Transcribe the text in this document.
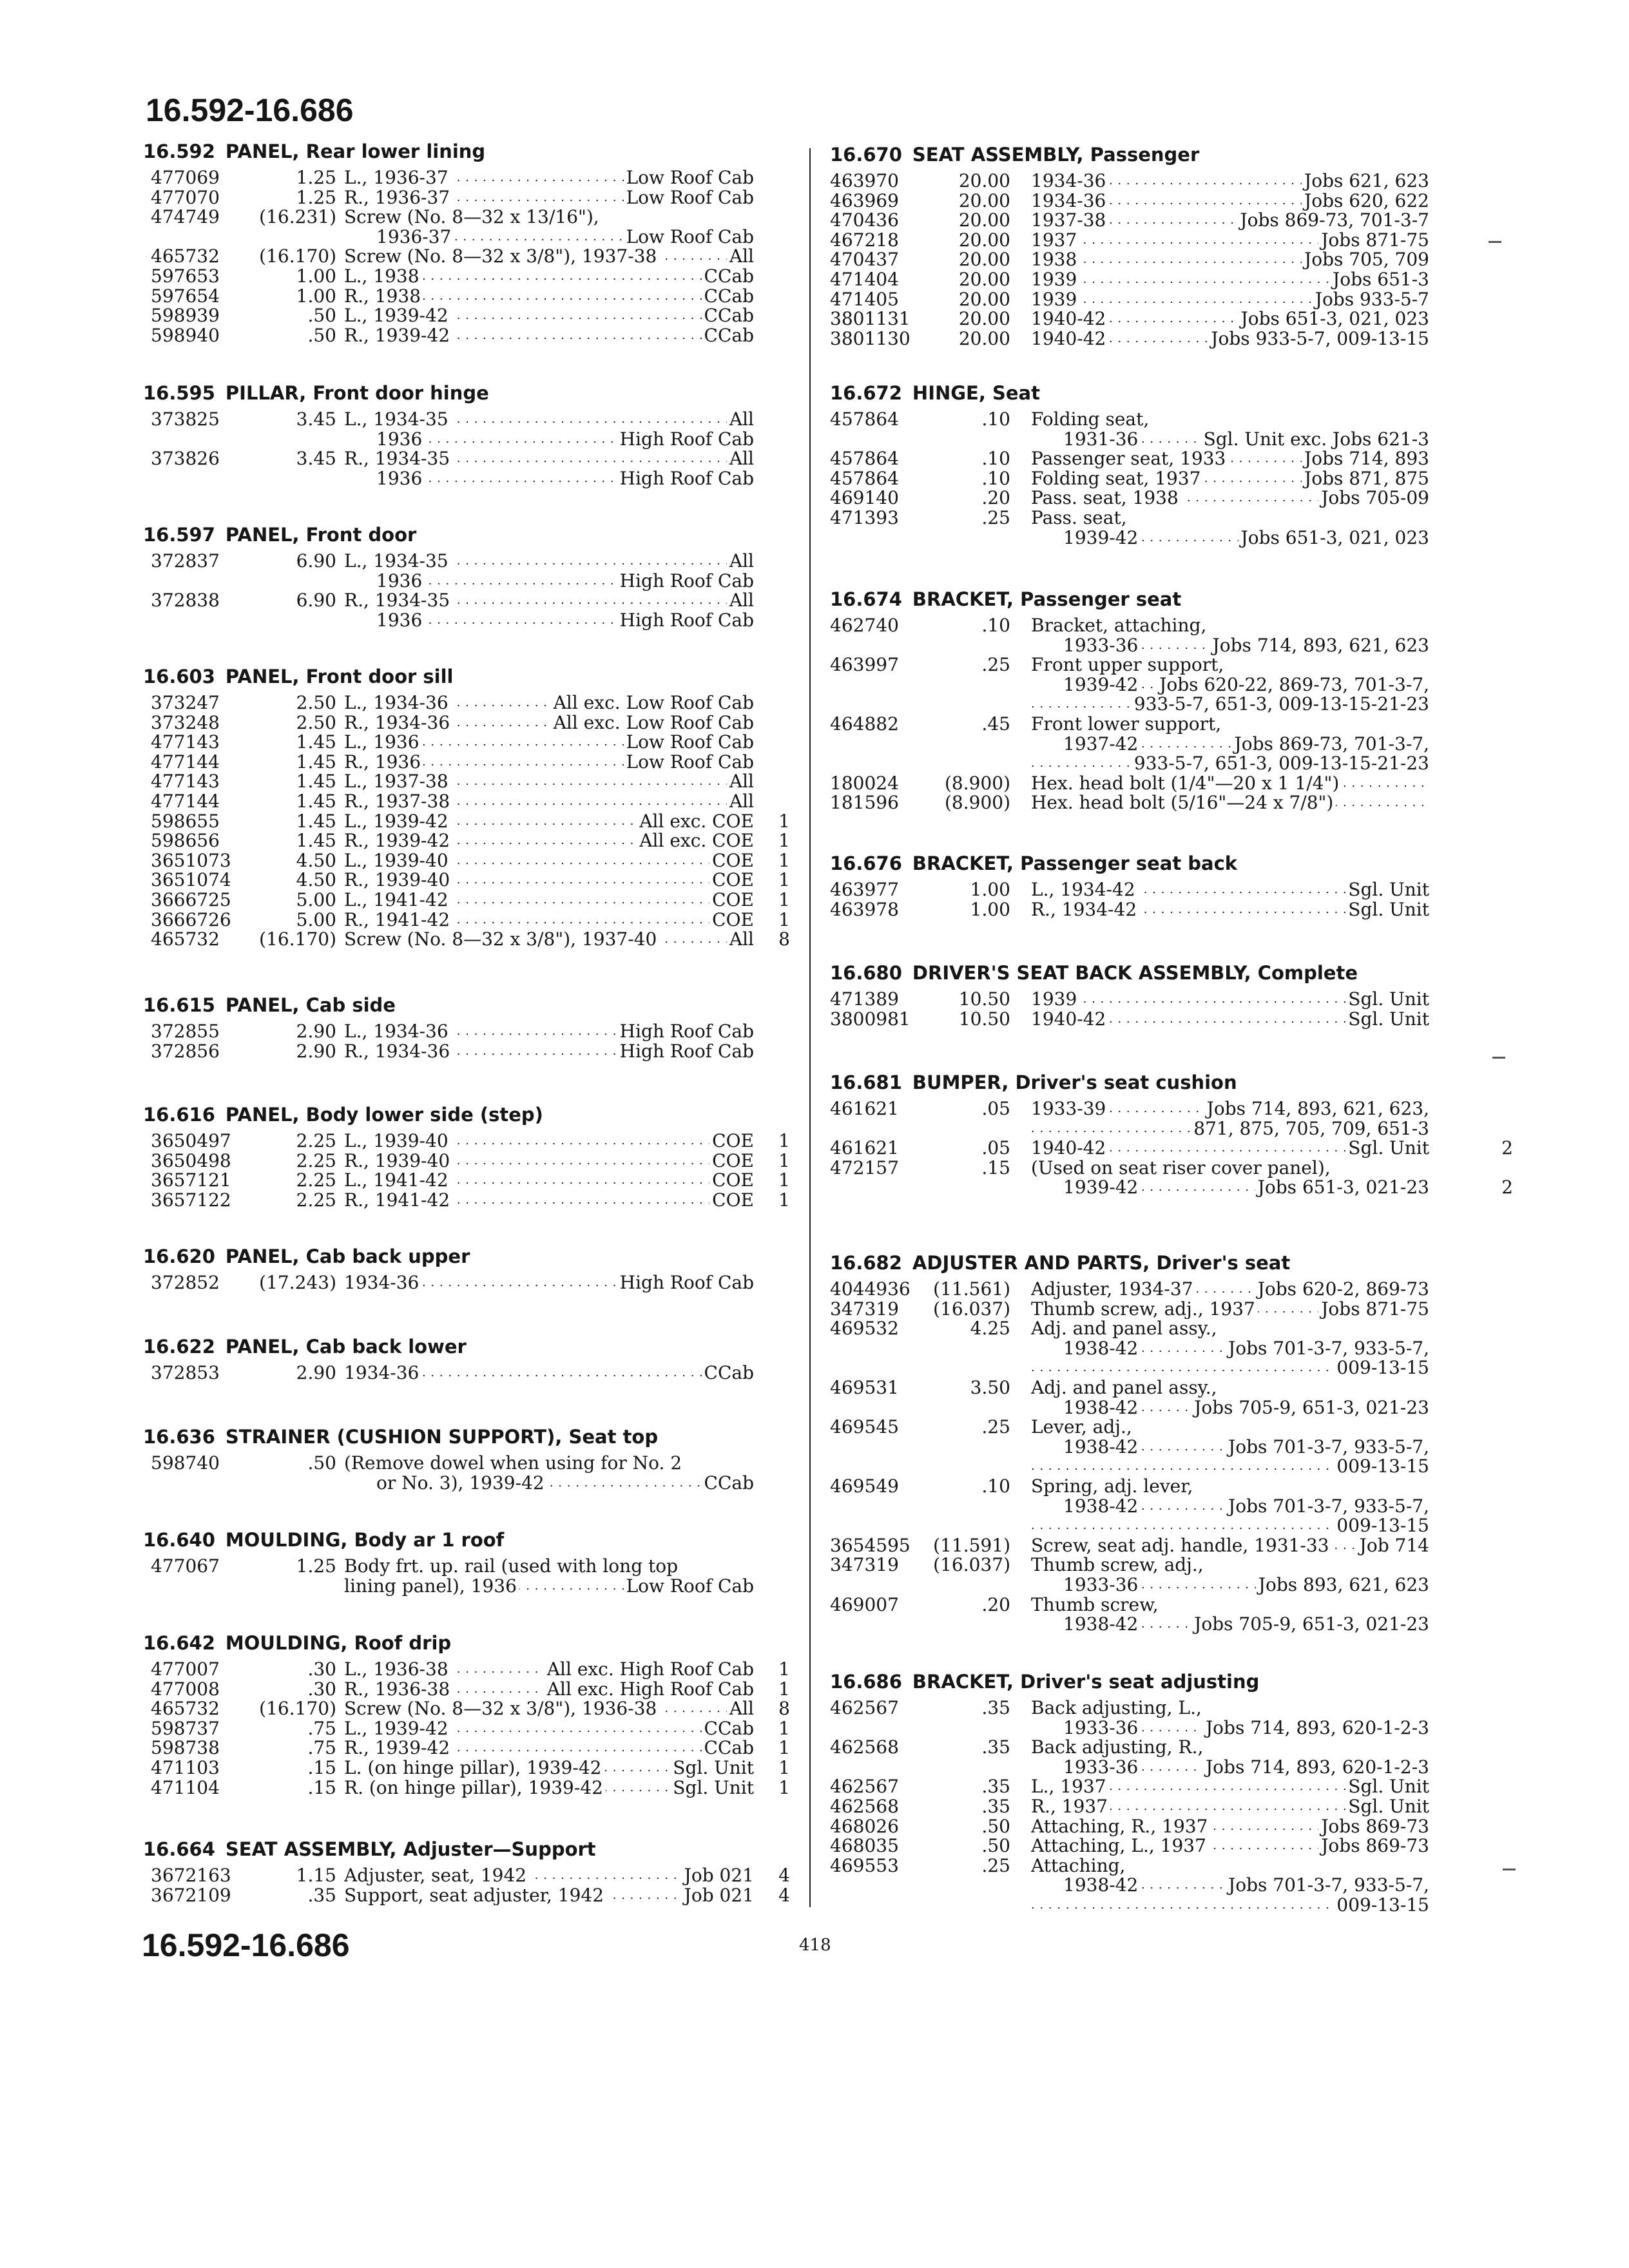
16.592-16.686
16.592 PANEL, Rear lower lining
477069	1.25 . . . L., 1936-37	Low Roof Cab
477070	1.25 . . . R., 1936-37	Low Roof Cab
474749	(16.231) Screw (No. 8—32 x 13/16"),
. . . 1936-37	Low Roof Cab
465732	(16.170) . . . Screw (No. 8—32 x 3/8"), 1937-38	All
597653	1.00 . . . L., 1938	CCab
597654	1.00 . . . R., 1938	CCab
598939	.50 . . . L., 1939-42	CCab
598940	.50 . . . R., 1939-42	CCab
16.595 PILLAR, Front door hinge
373825	3.45 . . . L., 1934-35	All
. . . 1936	High Roof Cab
373826	3.45 . . . R., 1934-35	All
. . . 1936	High Roof Cab
16.597 PANEL, Front door
372837	6.90 . . . L., 1934-35	All
. . . 1936	High Roof Cab
372838	6.90 . . . R., 1934-35	All
. . . 1936	High Roof Cab
16.603 PANEL, Front door sill
373247	2.50 . . . L., 1934-36	All exc. Low Roof Cab
373248	2.50 . . . R., 1934-36	All exc. Low Roof Cab
477143	1.45 . . . L., 1936	Low Roof Cab
477144	1.45 . . . R., 1936	Low Roof Cab
477143	1.45 . . . L., 1937-38	All
477144	1.45 . . . R., 1937-38	All
598655	1.45 . . . L., 1939-42	All exc. COE	1
598656	1.45 . . . R., 1939-42	All exc. COE	1
3651073	4.50 . . . L., 1939-40	COE	1
3651074	4.50 . . . R., 1939-40	COE	1
3666725	5.00 . . . L., 1941-42	COE	1
3666726	5.00 . . . R., 1941-42	COE	1
465732	(16.170) . . . Screw (No. 8—32 x 3/8"), 1937-40	All	8
16.615 PANEL, Cab side
372855	2.90 . . . L., 1934-36	High Roof Cab
372856	2.90 . . . R., 1934-36	High Roof Cab
16.616 PANEL, Body lower side (step)
3650497	2.25 . . . L., 1939-40	COE	1
3650498	2.25 . . . R., 1939-40	COE	1
3657121	2.25 . . . L., 1941-42	COE	1
3657122	2.25 . . . R., 1941-42	COE	1
16.620 PANEL, Cab back upper
372852	(17.243) . . . 1934-36	High Roof Cab
16.622 PANEL, Cab back lower
372853	2.90 . . . 1934-36	CCab
16.636 STRAINER (CUSHION SUPPORT), Seat top
598740	.50 (Remove dowel when using for No. 2
. . . or No. 3), 1939-42	CCab
16.640 MOULDING, Body ar 1 roof
477067	1.25 Body frt. up. rail (used with long top
. . . lining panel), 1936	Low Roof Cab
16.642 MOULDING, Roof drip
477007	.30 . . . L., 1936-38	All exc. High Roof Cab	1
477008	.30 . . . R., 1936-38	All exc. High Roof Cab	1
465732	(16.170) . . . Screw (No. 8—32 x 3/8"), 1936-38	All	8
598737	.75 . . . L., 1939-42	CCab	1
598738	.75 . . . R., 1939-42	CCab	1
471103	.15 . . . L. (on hinge pillar), 1939-42	Sgl. Unit	1
471104	.15 . . . R. (on hinge pillar), 1939-42	Sgl. Unit	1
16.664 SEAT ASSEMBLY, Adjuster—Support
3672163	1.15 . . . Adjuster, seat, 1942	Job 021	4
3672109	.35 . . . Support, seat adjuster, 1942	Job 021	4
16.670 SEAT ASSEMBLY, Passenger
463970	20.00 . . . 1934-36	Jobs 621, 623
463969	20.00 . . . 1934-36	Jobs 620, 622
470436	20.00 . . . 1937-38	Jobs 869-73, 701-3-7
467218	20.00 . . . 1937	Jobs 871-75
470437	20.00 . . . 1938	Jobs 705, 709
471404	20.00 . . . 1939	Jobs 651-3
471405	20.00 . . . 1939	Jobs 933-5-7
3801131	20.00 . . . 1940-42	Jobs 651-3, 021, 023
3801130	20.00 . . . 1940-42	Jobs 933-5-7, 009-13-15
16.672 HINGE, Seat
457864	.10 Folding seat,
. . . 1931-36	Sgl. Unit exc. Jobs 621-3
457864	.10 . . . Passenger seat, 1933	Jobs 714, 893
457864	.10 . . . Folding seat, 1937	Jobs 871, 875
469140	.20 . . . Pass. seat, 1938	Jobs 705-09
471393	.25 Pass. seat,
. . . 1939-42	Jobs 651-3, 021, 023
16.674 BRACKET, Passenger seat
462740	.10 Bracket, attaching,
. . . 1933-36	Jobs 714, 893, 621, 623
463997	.25 Front upper support,
. . . 1939-42 Jobs 620-22, 869-73, 701-3-7,
. . . 933-5-7, 651-3, 009-13-15-21-23
464882	.45 Front lower support,
. . . 1937-42	Jobs 869-73, 701-3-7,
. . . 933-5-7, 651-3, 009-13-15-21-23
180024	(8.900) . . . Hex. head bolt (1/4"—20 x 1 1/4")
181596	(8.900) . . . Hex. head bolt (5/16"—24 x 7/8")
16.676 BRACKET, Passenger seat back
463977	1.00 . . . L., 1934-42	Sgl. Unit
463978	1.00 . . . R., 1934-42	Sgl. Unit
16.680 DRIVER'S SEAT BACK ASSEMBLY, Complete
471389	10.50 . . . 1939	Sgl. Unit
3800981	10.50 . . . 1940-42	Sgl. Unit
16.681 BUMPER, Driver's seat cushion
461621	.05 . . . 1933-39	Jobs 714, 893, 621, 623,
. . . 871, 875, 705, 709, 651-3
461621	.05 . . . 1940-42	Sgl. Unit	2
472157	.15 (Used on seat riser cover panel),
. . . 1939-42	Jobs 651-3, 021-23	2
16.682 ADJUSTER AND PARTS, Driver's seat
4044936	(11.561) . . . Adjuster, 1934-37	Jobs 620-2, 869-73
347319	(16.037) . . . Thumb screw, adj., 1937	Jobs 871-75
469532	4.25 Adj. and panel assy.,
. . . 1938-42	Jobs 701-3-7, 933-5-7,
. . . 009-13-15
469531	3.50 Adj. and panel assy.,
. . . 1938-42	Jobs 705-9, 651-3, 021-23
469545	.25 Lever, adj.,
. . . 1938-42	Jobs 701-3-7, 933-5-7,
. . . 009-13-15
469549	.10 Spring, adj. lever,
. . . 1938-42	Jobs 701-3-7, 933-5-7,
. . . 009-13-15
3654595	(11.591) . . . Screw, seat adj. handle, 1931-33 Job 714
347319	(16.037) Thumb screw, adj.,
. . . 1933-36	Jobs 893, 621, 623
469007	.20 Thumb screw,
. . . 1938-42	Jobs 705-9, 651-3, 021-23
16.686 BRACKET, Driver's seat adjusting
462567	.35 Back adjusting, L.,
. . . 1933-36	Jobs 714, 893, 620-1-2-3
462568	.35 Back adjusting, R.,
. . . 1933-36	Jobs 714, 893, 620-1-2-3
462567	.35 . . . L., 1937	Sgl. Unit
462568	.35 . . . R., 1937	Sgl. Unit
468026	.50 . . . Attaching, R., 1937	Jobs 869-73
468035	.50 . . . Attaching, L., 1937	Jobs 869-73
469553	.25 Attaching,
. . . 1938-42	Jobs 701-3-7, 933-5-7,
. . . 009-13-15
16.592-16.686	418
